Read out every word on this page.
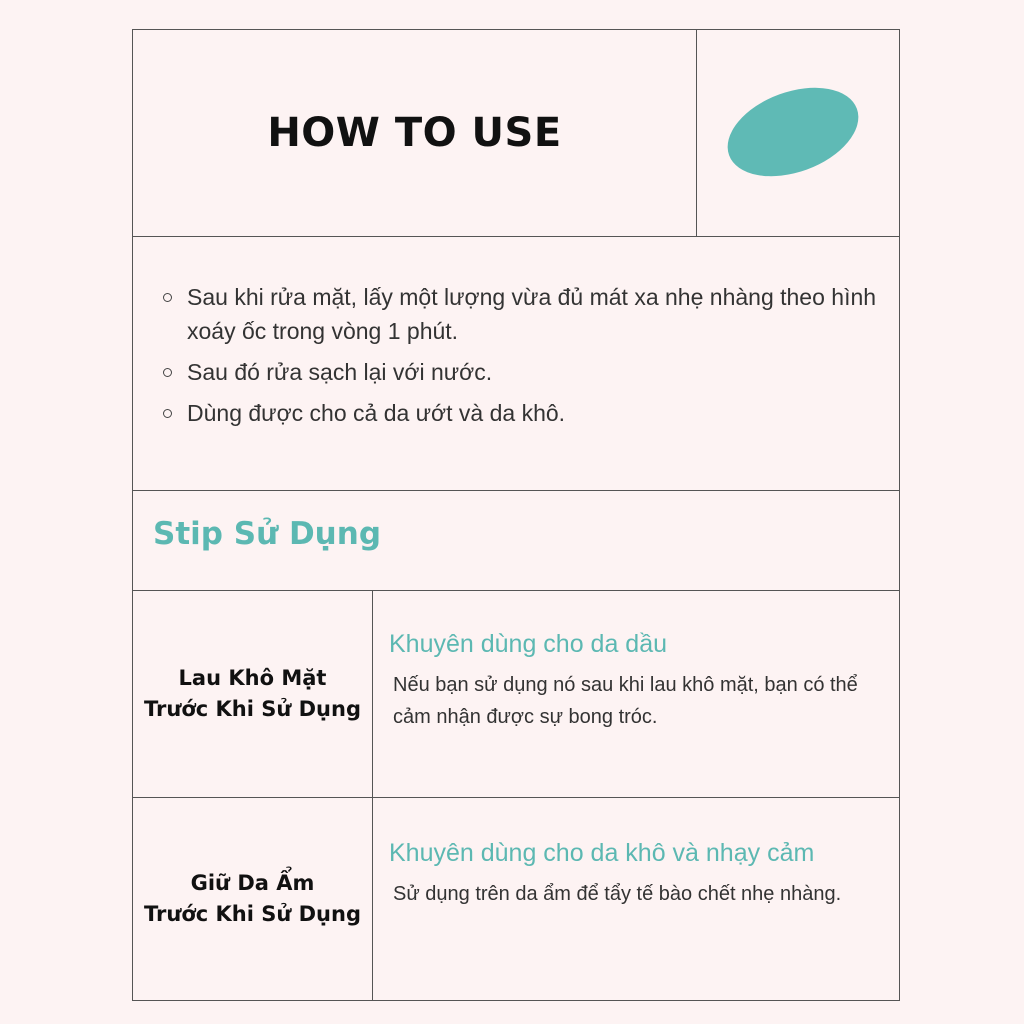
HOW TO USE
Sau khi rửa mặt, lấy một lượng vừa đủ mát xa nhẹ nhàng theo hình xoáy ốc trong vòng 1 phút.
Sau đó rửa sạch lại với nước.
Dùng được cho cả da ướt và da khô.
Stip Sử Dụng
Lau Khô Mặt
Trước Khi Sử Dụng
Khuyên dùng cho da dầu
Nếu bạn sử dụng nó sau khi lau khô mặt, bạn có thể cảm nhận được sự bong tróc.
Giữ Da Ẩm
Trước Khi Sử Dụng
Khuyên dùng cho da khô và nhạy cảm
Sử dụng trên da ẩm để tẩy tế bào chết nhẹ nhàng.
